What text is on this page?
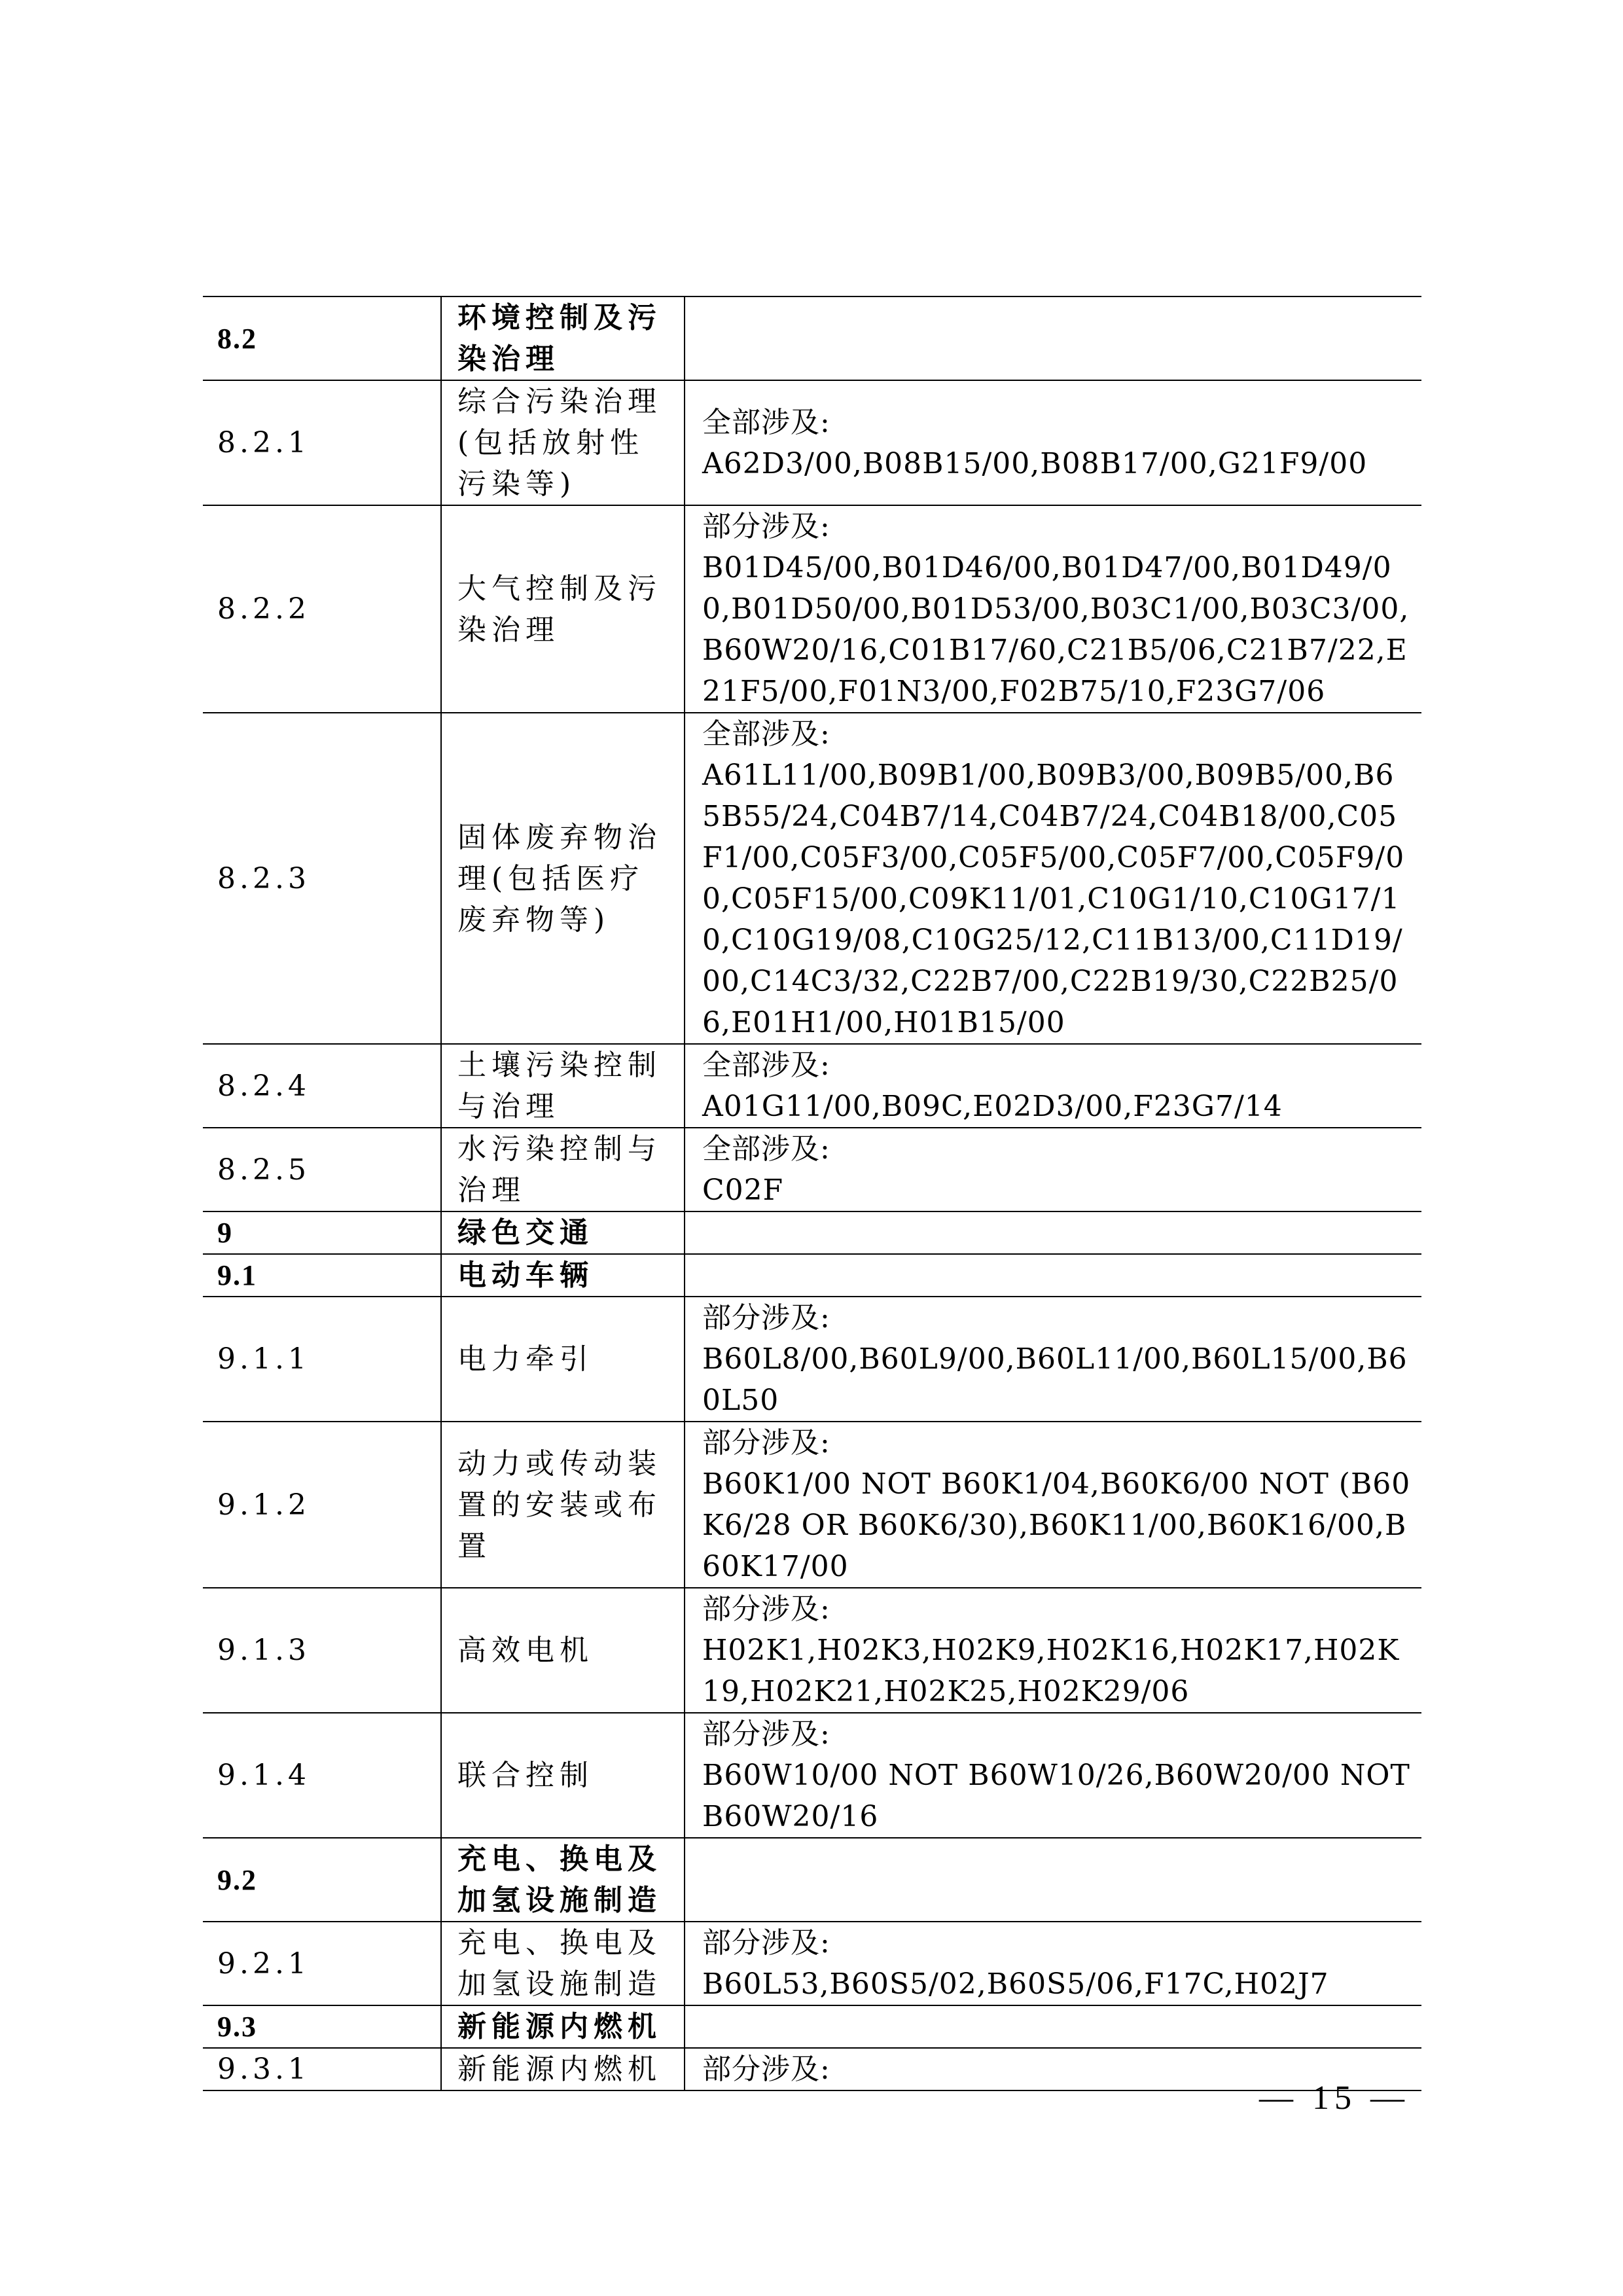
8.2	环境控制及污染治理	

8.2.1	综合污染治理(包括放射性污染等)	全部涉及:
A62D3/00,B08B15/00,B08B17/00,G21F9/00

8.2.2	大气控制及污染治理	部分涉及:
B01D45/00,B01D46/00,B01D47/00,B01D49/00,B01D50/00,B01D53/00,B03C1/00,B03C3/00,B60W20/16,C01B17/60,C21B5/06,C21B7/22,E21F5/00,F01N3/00,F02B75/10,F23G7/06

8.2.3	固体废弃物治理(包括医疗废弃物等)	全部涉及:
A61L11/00,B09B1/00,B09B3/00,B09B5/00,B65B55/24,C04B7/14,C04B7/24,C04B18/00,C05F1/00,C05F3/00,C05F5/00,C05F7/00,C05F9/00,C05F15/00,C09K11/01,C10G1/10,C10G17/10,C10G19/08,C10G25/12,C11B13/00,C11D19/00,C14C3/32,C22B7/00,C22B19/30,C22B25/06,E01H1/00,H01B15/00

8.2.4	土壤污染控制与治理	全部涉及:
A01G11/00,B09C,E02D3/00,F23G7/14

8.2.5	水污染控制与治理	全部涉及:
C02F

9	绿色交通	

9.1	电动车辆	

9.1.1	电力牵引	部分涉及:
B60L8/00,B60L9/00,B60L11/00,B60L15/00,B60L50

9.1.2	动力或传动装置的安装或布置	部分涉及:
B60K1/00 NOT B60K1/04,B60K6/00 NOT (B60K6/28 OR B60K6/30),B60K11/00,B60K16/00,B60K17/00

9.1.3	高效电机	部分涉及:
H02K1,H02K3,H02K9,H02K16,H02K17,H02K19,H02K21,H02K25,H02K29/06

9.1.4	联合控制	部分涉及:
B60W10/00 NOT B60W10/26,B60W20/00 NOT B60W20/16

9.2	充电、换电及加氢设施制造	

9.2.1	充电、换电及加氢设施制造	部分涉及:
B60L53,B60S5/02,B60S5/06,F17C,H02J7

9.3	新能源内燃机	

9.3.1	新能源内燃机	部分涉及:
— 15 —
